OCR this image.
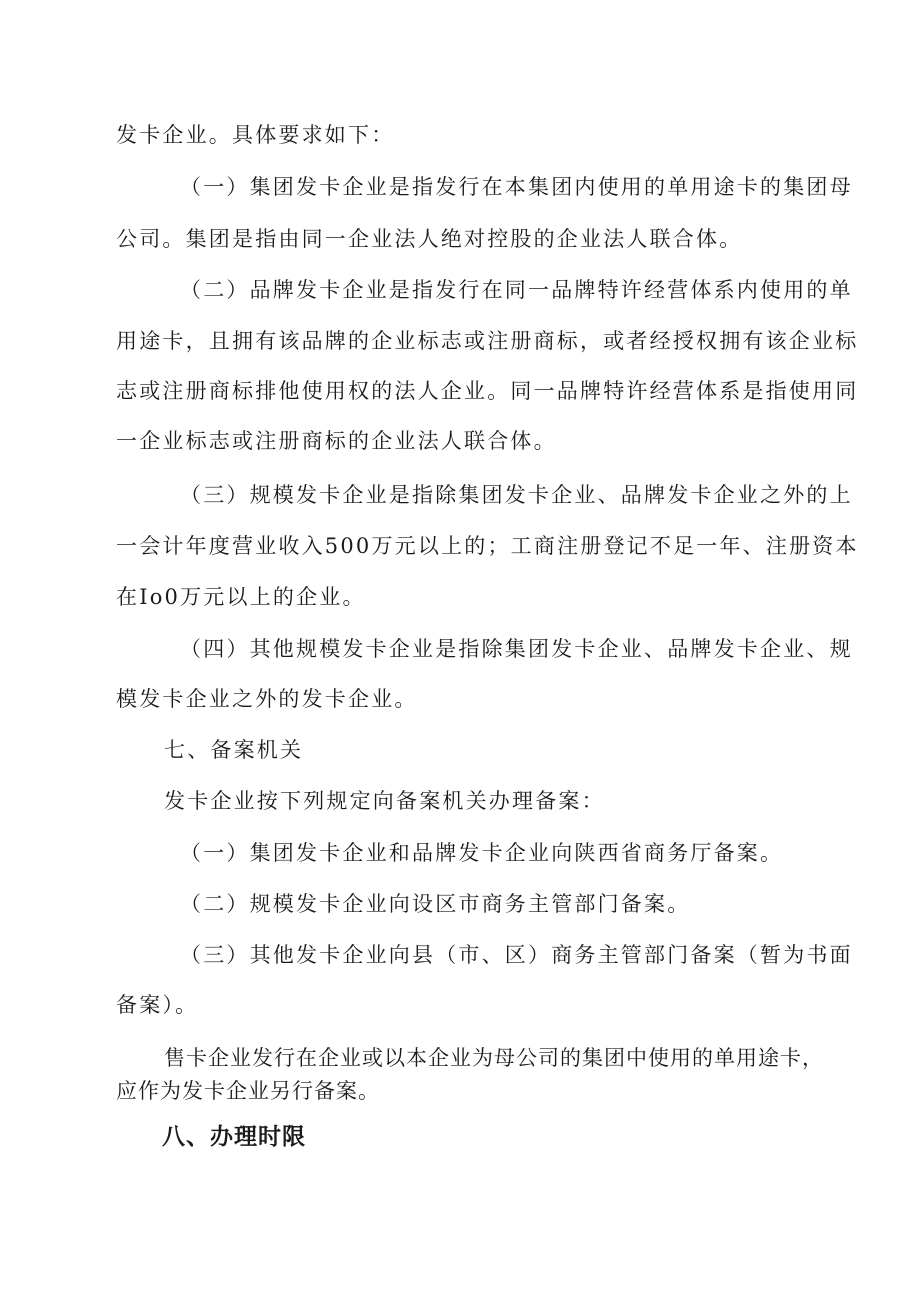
发卡企业。具体要求如下：
（一）集团发卡企业是指发行在本集团内使用的单用途卡的集团母
公司。集团是指由同一企业法人绝对控股的企业法人联合体。
（二）品牌发卡企业是指发行在同一品牌特许经营体系内使用的单
用途卡，且拥有该品牌的企业标志或注册商标，或者经授权拥有该企业标
志或注册商标排他使用权的法人企业。同一品牌特许经营体系是指使用同
一企业标志或注册商标的企业法人联合体。
（三）规模发卡企业是指除集团发卡企业、品牌发卡企业之外的上
一会计年度营业收入500万元以上的；工商注册登记不足一年、注册资本
在Io0万元以上的企业。
（四）其他规模发卡企业是指除集团发卡企业、品牌发卡企业、规
模发卡企业之外的发卡企业。
七、备案机关
发卡企业按下列规定向备案机关办理备案：
（一）集团发卡企业和品牌发卡企业向陕西省商务厅备案。
（二）规模发卡企业向设区市商务主管部门备案。
（三）其他发卡企业向县（市、区）商务主管部门备案（暂为书面
备案）。
售卡企业发行在企业或以本企业为母公司的集团中使用的单用途卡，
应作为发卡企业另行备案。
八、办理时限
